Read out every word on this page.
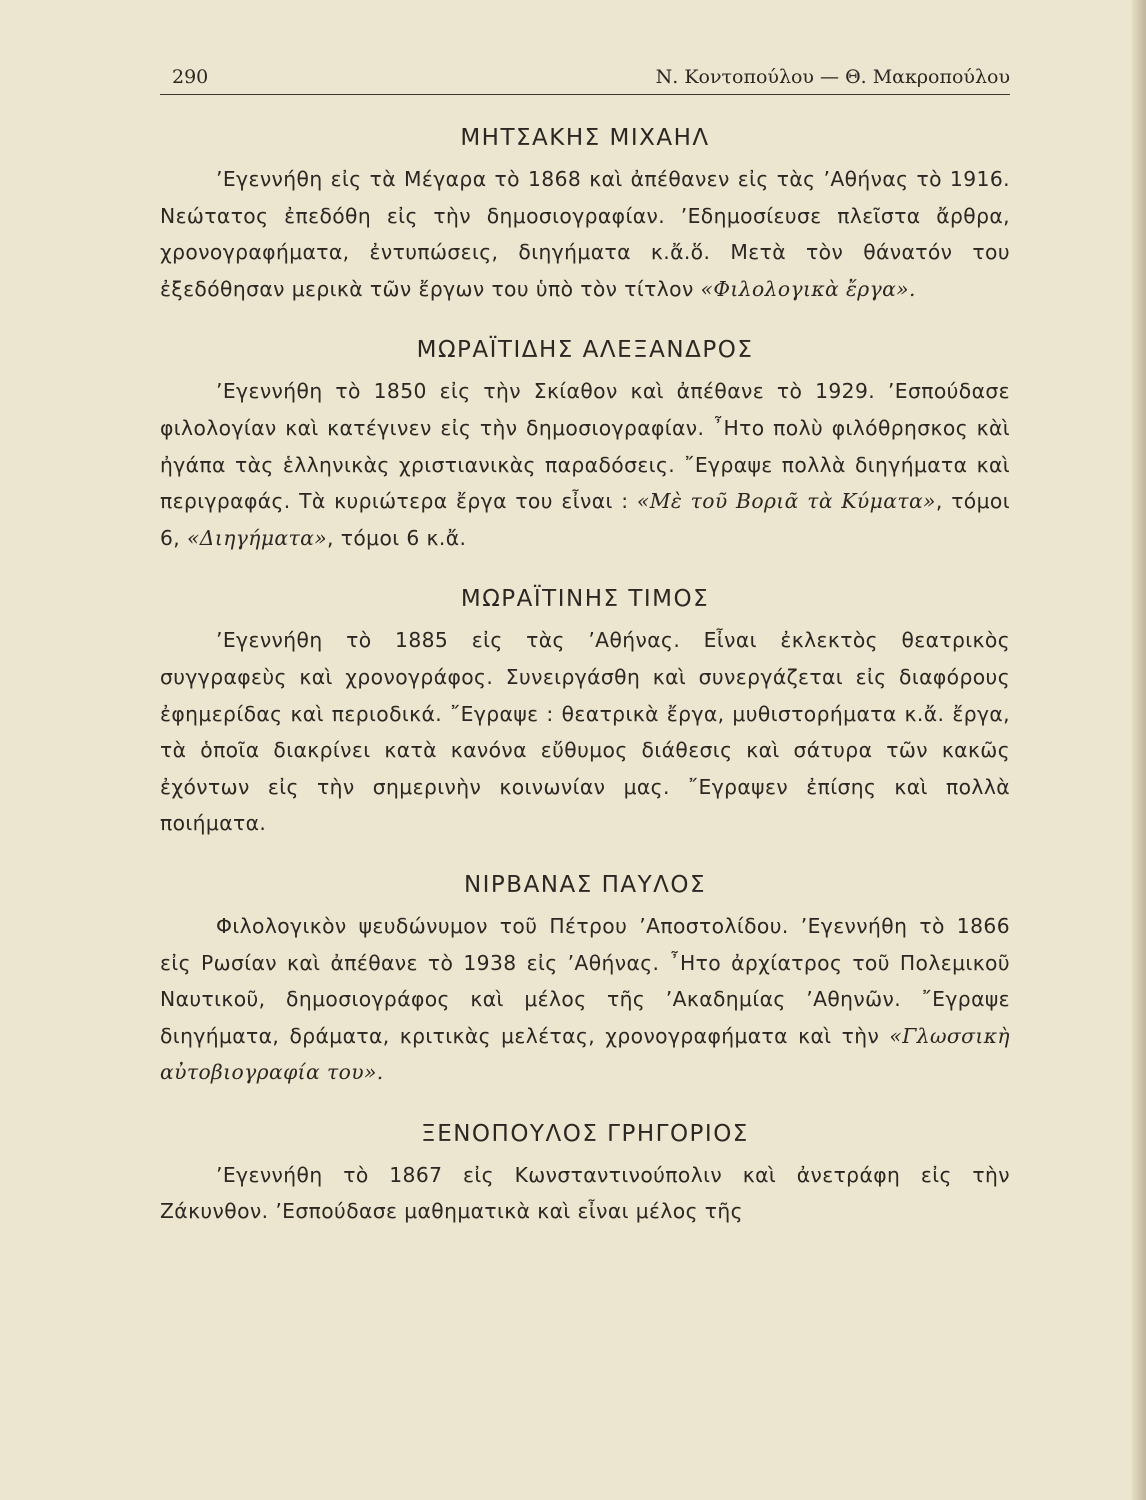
290	Ν. Κοντοπούλου — Θ. Μακροπούλου
ΜΗΤΣΑΚΗΣ ΜΙΧΑΗΛ

’Εγεννήθη εἰς τὰ Μέγαρα τὸ 1868 καὶ ἀπέθανεν εἰς τὰς ’Αθήνας τὸ 1916. Νεώτατος ἐπεδόθη εἰς τὴν δημοσιογραφίαν. ’Εδημοσίευσε πλεῖστα ἄρθρα, χρονογραφήματα, ἐντυπώσεις, διηγήματα κ.ἄ.ὅ. Μετὰ τὸν θάνατόν του ἐξεδόθησαν μερικὰ τῶν ἔργων του ὑπὸ τὸν τίτλον «Φιλολογικὰ ἔργα».

ΜΩΡΑΪΤΙΔΗΣ ΑΛΕΞΑΝΔΡΟΣ

’Εγεννήθη τὸ 1850 εἰς τὴν Σκίαθον καὶ ἀπέθανε τὸ 1929. ’Εσπούδασε φιλολογίαν καὶ κατέγινεν εἰς τὴν δημοσιογραφίαν. ῏Ητο πολὺ φιλόθρησκος κὰὶ ἠγάπα τὰς ἑλληνικὰς χριστιανικὰς παραδόσεις. ῎Εγραψε πολλὰ διηγήματα καὶ περιγραφάς. Τὰ κυριώτερα ἔργα του εἶναι : «Μὲ τοῦ Βοριᾶ τὰ Κύματα», τόμοι 6, «Διηγήματα», τόμοι 6 κ.ἄ.

ΜΩΡΑΪΤΙΝΗΣ ΤΙΜΟΣ

’Εγεννήθη τὸ 1885 εἰς τὰς ’Αθήνας. Εἶναι ἐκλεκτὸς θεατρικὸς συγγραφεὺς καὶ χρονογράφος. Συνειργάσθη καὶ συνεργάζεται εἰς διαφόρους ἐφημερίδας καὶ περιοδικά. ῎Εγραψε : θεατρικὰ ἔργα, μυθιστορήματα κ.ἄ. ἔργα, τὰ ὁποῖα διακρίνει κατὰ κανόνα εὔθυμος διάθεσις καὶ σάτυρα τῶν κακῶς ἐχόντων εἰς τὴν σημερινὴν κοινωνίαν μας. ῎Εγραψεν ἐπίσης καὶ πολλὰ ποιήματα.

ΝΙΡΒΑΝΑΣ ΠΑΥΛΟΣ

Φιλολογικὸν ψευδώνυμον τοῦ Πέτρου ’Αποστολίδου. ’Εγεννήθη τὸ 1866 εἰς Ρωσίαν καὶ ἀπέθανε τὸ 1938 εἰς ’Αθήνας. ῏Ητο ἀρχίατρος τοῦ Πολεμικοῦ Ναυτικοῦ, δημοσιογράφος καὶ μέλος τῆς ’Ακαδημίας ’Αθηνῶν. ῎Εγραψε διηγήματα, δράματα, κριτικὰς μελέτας, χρονογραφήματα καὶ τὴν «Γλωσσικὴ αὐτοβιογραφία του».

ΞΕΝΟΠΟΥΛΟΣ ΓΡΗΓΟΡΙΟΣ

’Εγεννήθη τὸ 1867 εἰς Κωνσταντινούπολιν καὶ ἀνετράφη εἰς τὴν Ζάκυνθον. ’Εσπούδασε μαθηματικὰ καὶ εἶναι μέλος τῆς
